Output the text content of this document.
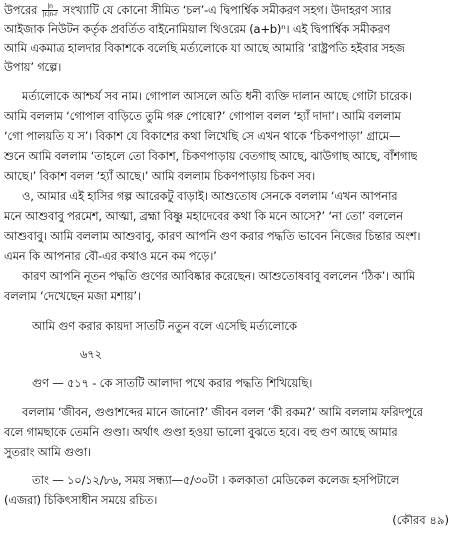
উপরের $\frac{|n}{|r.|n-r}$ সংখ্যাটি যে কোনো সীমিত ‘চল’-এ দ্বিপার্শ্বিক সমীকরণ সহগ। উদাহরণ স্যার
আইজাক নিউটন কর্তৃক প্রবর্তিত বাইনোমিয়াল থিওরেম (a+b)ⁿ। এই দ্বিপার্শ্বিক সমীকরণ
আমি একমাত্র হালদার বিকাশকে বলেছি মর্ত্যলোকে যা আছে আমারি ‘রাষ্ট্রপতি হইবার সহজ
উপায়’ গল্পে।
মর্ত্যলোকে আশ্চর্য সব নাম। গোপাল আসলে অতি ধনী ব্যক্তি দালান আছে গোটা চারেক।
আমি বললাম ‘গোপাল বাড়িতে তুমি গরু পোষো?’ গোপাল বলল ‘হ্যাঁ দাদা’। আমি বললাম
‘গো পালয়তি য স’। বিকাশ যে বিকাশের কথা লিখেছি সে এখন থাকে ‘চিকণপাড়া’ গ্রামে—
শুনে আমি বললাম ‘তাহলে তো বিকাশ, চিকণপাড়ায় বেতগাছ আছে, ঝাউগাছ আছে, বাঁশগাছ
আছে।’ বিকাশ বলল ‘হ্যাঁ আছে।’ আমি বললাম চিকণপাড়ায় চিকণ সব।
ও, আমার এই হাসির গল্প আরেকটু বাড়াই। আশুতোষ সেনকে বললাম ‘এখন আপনার
মনে আশুবাবু পরমেশ, আত্মা, ব্রহ্মা বিষ্ণু মহাদেবের কথা কি মনে আসে?’ ‘না তো’ বললেন
আশুবাবু। আমি বললাম আশুবাবু, কারণ আপনি গুণ করার পদ্ধতি ভাবেন নিজের চিন্তার অংশ।
এমন কি আপনার বৌ-এর কথাও মনে কম পড়ে।’
কারণ আপনি নূতন পদ্ধতি গুণের আবিষ্কার করেছেন। আশুতোষবাবু বললেন ‘ঠিক’। আমি
বললাম ‘দেখেছেন মজা মশায়’।
আমি গুণ করার কায়দা সাতটি নতুন বলে এসেছি মর্ত্যলোকে
৬৭২
গুণ — ৫১৭ - কে সাতটি আলাদা পথে করার পদ্ধতি শিখিয়েছি।
বললাম ‘জীবন, গুণ্ডাশব্দের মানে জানো?’ জীবন বলল ‘কী রকম?’ আমি বললাম ফরিদপুরে
বলে গামছাকে তেমনি গুণ্ডা। অর্থাৎ গুণ্ডা হওয়া ভালো বুঝতে হবে। বহু গুণ আছে আমার
সুতরাং আমি গুণ্ডা।
তাং — ১০/১২/৮৬, সময় সন্ধ্যা—৫/৩০টা । কলকাতা মেডিকেল কলেজ হসপিটালে
(এজরা) চিকিৎসাধীন সময়ে রচিত।
(কৌরব ৪৯)
